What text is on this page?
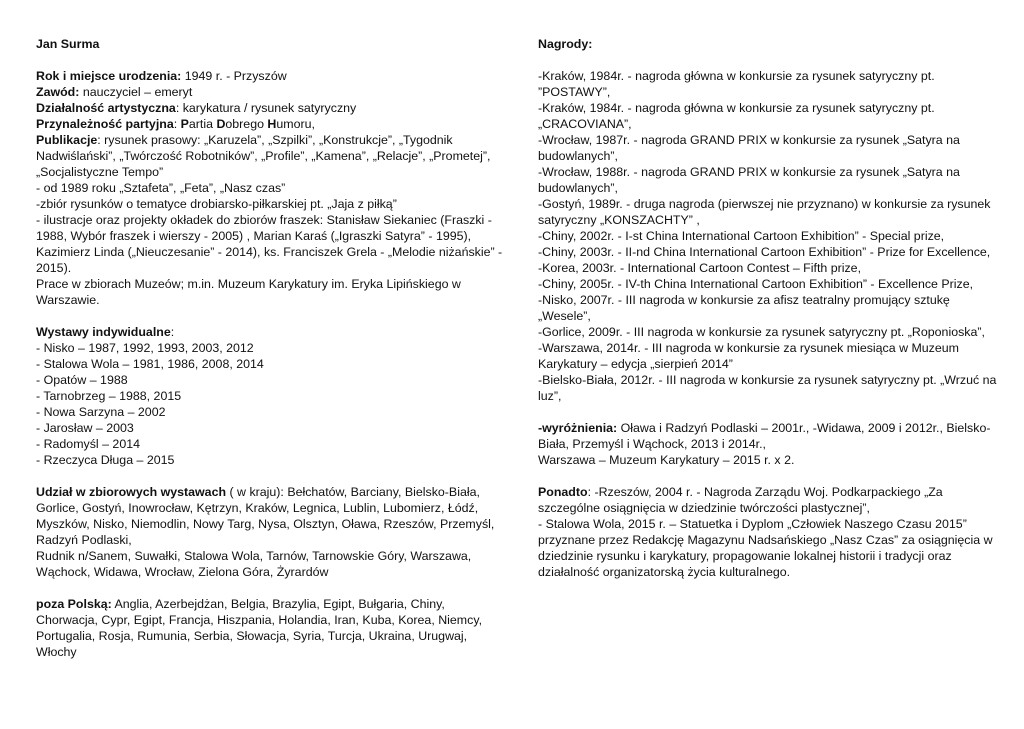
Jan Surma

Rok i miejsce urodzenia: 1949 r. - Przyszów

Zawód: nauczyciel – emeryt

Działalność artystyczna: karykatura / rysunek satyryczny

Przynależność partyjna: Partia Dobrego Humoru,

Publikacje: rysunek prasowy: „Karuzela”, „Szpilki”, „Konstrukcje”, „Tygodnik Nadwiślański”, „Twórczość Robotników”, „Profile”, „Kamena”, „Relacje”, „Prometej”, „Socjalistyczne Tempo”

- od 1989 roku „Sztafeta”, „Feta”, „Nasz czas”

-zbiór rysunków o tematyce drobiarsko-piłkarskiej pt. „Jaja z piłką”

- ilustracje oraz projekty okładek do zbiorów fraszek: Stanisław Siekaniec (Fraszki - 1988, Wybór fraszek i wierszy - 2005) , Marian Karaś („Igraszki Satyra” - 1995), Kazimierz Linda („Nieuczesanie” - 2014), ks. Franciszek Grela - „Melodie niżańskie” - 2015).

Prace w zbiorach Muzeów; m.in. Muzeum Karykatury im. Eryka Lipińskiego w Warszawie.

Wystawy indywidualne:

- Nisko – 1987, 1992, 1993, 2003, 2012

- Stalowa Wola – 1981, 1986, 2008, 2014

- Opatów – 1988

- Tarnobrzeg – 1988, 2015

- Nowa Sarzyna – 2002

- Jarosław – 2003

- Radomyśl – 2014

- Rzeczyca Długa – 2015

Udział w zbiorowych wystawach ( w kraju): Bełchatów, Barciany, Bielsko-Biała, Gorlice, Gostyń, Inowrocław, Kętrzyn, Kraków, Legnica, Lublin, Lubomierz, Łódź, Myszków, Nisko, Niemodlin, Nowy Targ, Nysa, Olsztyn, Oława, Rzeszów, Przemyśl, Radzyń Podlaski,

Rudnik n/Sanem, Suwałki, Stalowa Wola, Tarnów, Tarnowskie Góry, Warszawa, Wąchock, Widawa, Wrocław, Zielona Góra, Żyrardów

poza Polską: Anglia, Azerbejdżan, Belgia, Brazylia, Egipt, Bułgaria, Chiny, Chorwacja, Cypr, Egipt, Francja, Hiszpania, Holandia, Iran, Kuba, Korea, Niemcy, Portugalia, Rosja, Rumunia, Serbia, Słowacja, Syria, Turcja, Ukraina, Urugwaj, Włochy

Nagrody:

-Kraków, 1984r. - nagroda główna w konkursie za rysunek satyryczny pt. ”POSTAWY”,

-Kraków, 1984r. - nagroda główna w konkursie za rysunek satyryczny pt. „CRACOVIANA”,

-Wrocław, 1987r. - nagroda GRAND PRIX w konkursie za rysunek „Satyra na budowlanych”,

-Wrocław, 1988r. - nagroda GRAND PRIX w konkursie za rysunek „Satyra na budowlanych”,

-Gostyń, 1989r. - druga nagroda (pierwszej nie przyznano) w konkursie za rysunek satyryczny „KONSZACHTY” ,

-Chiny, 2002r. - I-st China International Cartoon Exhibition” - Special prize,

-Chiny, 2003r. - II-nd China International Cartoon Exhibition” - Prize for Excellence,

-Korea, 2003r. - International Cartoon Contest – Fifth prize,

-Chiny, 2005r. - IV-th China International Cartoon Exhibition” - Excellence Prize,

-Nisko, 2007r. - III nagroda w konkursie za afisz teatralny promujący sztukę „Wesele”,

-Gorlice, 2009r. - III nagroda w konkursie za rysunek satyryczny pt. „Roponioska”,

-Warszawa, 2014r. - III nagroda w konkursie za rysunek miesiąca w Muzeum Karykatury – edycja „sierpień 2014”

-Bielsko-Biała, 2012r. - III nagroda w konkursie za rysunek satyryczny pt. „Wrzuć na luz”,

-wyróżnienia: Oława i Radzyń Podlaski – 2001r., -Widawa, 2009 i 2012r., Bielsko-Biała, Przemyśl i Wąchock, 2013 i 2014r.,

Warszawa – Muzeum Karykatury – 2015 r. x 2.

Ponadto: -Rzeszów, 2004 r. - Nagroda Zarządu Woj. Podkarpackiego „Za szczególne osiągnięcia w dziedzinie twórczości plastycznej”,

- Stalowa Wola, 2015 r. – Statuetka i Dyplom „Człowiek Naszego Czasu 2015” przyznane przez Redakcję Magazynu Nadsańskiego „Nasz Czas” za osiągnięcia w dziedzinie rysunku i karykatury, propagowanie lokalnej historii i tradycji oraz działalność organizatorską życia kulturalnego.
